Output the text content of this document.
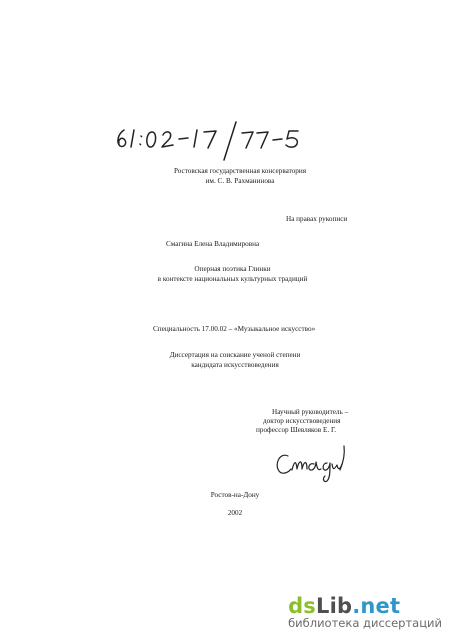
Ростовская государственная консерватория
им. С. В. Рахманинова
На правах рукописи
Смагина Елена Владимировна
Оперная поэтика Глинки
в контексте национальных культурных традиций
Специальность 17.00.02 – «Музыкальное искусство»
Диссертация на соискание ученой степени
кандидата искусствоведения
Научный руководитель –
доктор искусствоведения
профессор Шевляков Е. Г.
Ростов-на-Дону
2002
dsLib.net
библиотека диссертаций
